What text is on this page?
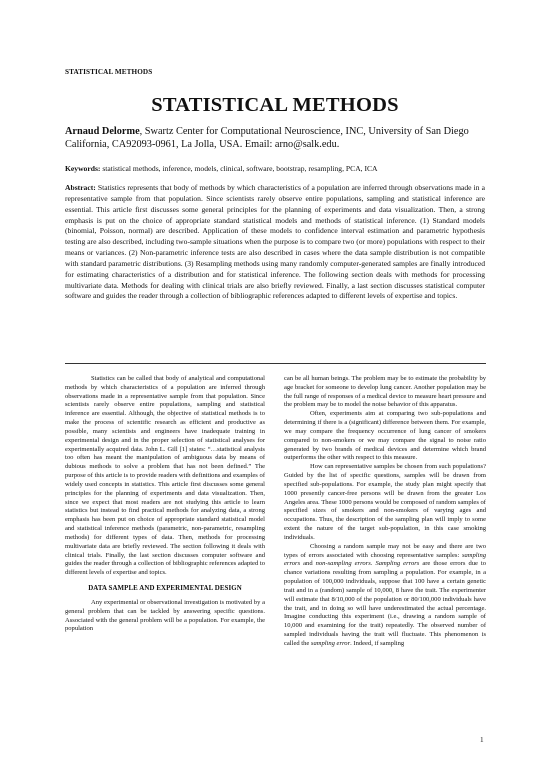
STATISTICAL METHODS
STATISTICAL METHODS
Arnaud Delorme, Swartz Center for Computational Neuroscience, INC, University of San Diego California, CA92093-0961, La Jolla, USA. Email: arno@salk.edu.
Keywords: statistical methods, inference, models, clinical, software, bootstrap, resampling, PCA, ICA
Abstract: Statistics represents that body of methods by which characteristics of a population are inferred through observations made in a representative sample from that population. Since scientists rarely observe entire populations, sampling and statistical inference are essential. This article first discusses some general principles for the planning of experiments and data visualization. Then, a strong emphasis is put on the choice of appropriate standard statistical models and methods of statistical inference. (1) Standard models (binomial, Poisson, normal) are described. Application of these models to confidence interval estimation and parametric hypothesis testing are also described, including two-sample situations when the purpose is to compare two (or more) populations with respect to their means or variances. (2) Non-parametric inference tests are also described in cases where the data sample distribution is not compatible with standard parametric distributions. (3) Resampling methods using many randomly computer-generated samples are finally introduced for estimating characteristics of a distribution and for statistical inference. The following section deals with methods for processing multivariate data. Methods for dealing with clinical trials are also briefly reviewed. Finally, a last section discusses statistical computer software and guides the reader through a collection of bibliographic references adapted to different levels of expertise and topics.

Statistics can be called that body of analytical and computational methods by which characteristics of a population are inferred through observations made in a representative sample from that population. Since scientists rarely observe entire populations, sampling and statistical inference are essential. Although, the objective of statistical methods is to make the process of scientific research as efficient and productive as possible, many scientists and engineers have inadequate training in experimental design and in the proper selection of statistical analyses for experimentally acquired data. John L. Gill [1] states: “…statistical analysis too often has meant the manipulation of ambiguous data by means of dubious methods to solve a problem that has not been defined.” The purpose of this article is to provide readers with definitions and examples of widely used concepts in statistics. This article first discusses some general principles for the planning of experiments and data visualization. Then, since we expect that most readers are not studying this article to learn statistics but instead to find practical methods for analyzing data, a strong emphasis has been put on choice of appropriate standard statistical model and statistical inference methods (parametric, non-parametric, resampling methods) for different types of data. Then, methods for processing multivariate data are briefly reviewed. The section following it deals with clinical trials. Finally, the last section discusses computer software and guides the reader through a collection of bibliographic references adapted to different levels of expertise and topics.

DATA SAMPLE AND EXPERIMENTAL DESIGN

Any experimental or observational investigation is motivated by a general problem that can be tackled by answering specific questions. Associated with the general problem will be a population. For example, the population

can be all human beings. The problem may be to estimate the probability by age bracket for someone to develop lung cancer. Another population may be the full range of responses of a medical device to measure heart pressure and the problem may be to model the noise behavior of this apparatus.

Often, experiments aim at comparing two sub-populations and determining if there is a (significant) difference between them. For example, we may compare the frequency occurrence of lung cancer of smokers compared to non-smokers or we may compare the signal to noise ratio generated by two brands of medical devices and determine which brand outperforms the other with respect to this measure.

How can representative samples be chosen from such populations? Guided by the list of specific questions, samples will be drawn from specified sub-populations. For example, the study plan might specify that 1000 presently cancer-free persons will be drawn from the greater Los Angeles area. These 1000 persons would be composed of random samples of specified sizes of smokers and non-smokers of varying ages and occupations. Thus, the description of the sampling plan will imply to some extent the nature of the target sub-population, in this case smoking individuals.

Choosing a random sample may not be easy and there are two types of errors associated with choosing representative samples: sampling errors and non-sampling errors. Sampling errors are those errors due to chance variations resulting from sampling a population. For example, in a population of 100,000 individuals, suppose that 100 have a certain genetic trait and in a (random) sample of 10,000, 8 have the trait. The experimenter will estimate that 8/10,000 of the population or 80/100,000 individuals have the trait, and in doing so will have underestimated the actual percentage. Imagine conducting this experiment (i.e., drawing a random sample of 10,000 and examining for the trait) repeatedly. The observed number of sampled individuals having the trait will fluctuate. This phenomenon is called the sampling error. Indeed, if sampling

1
